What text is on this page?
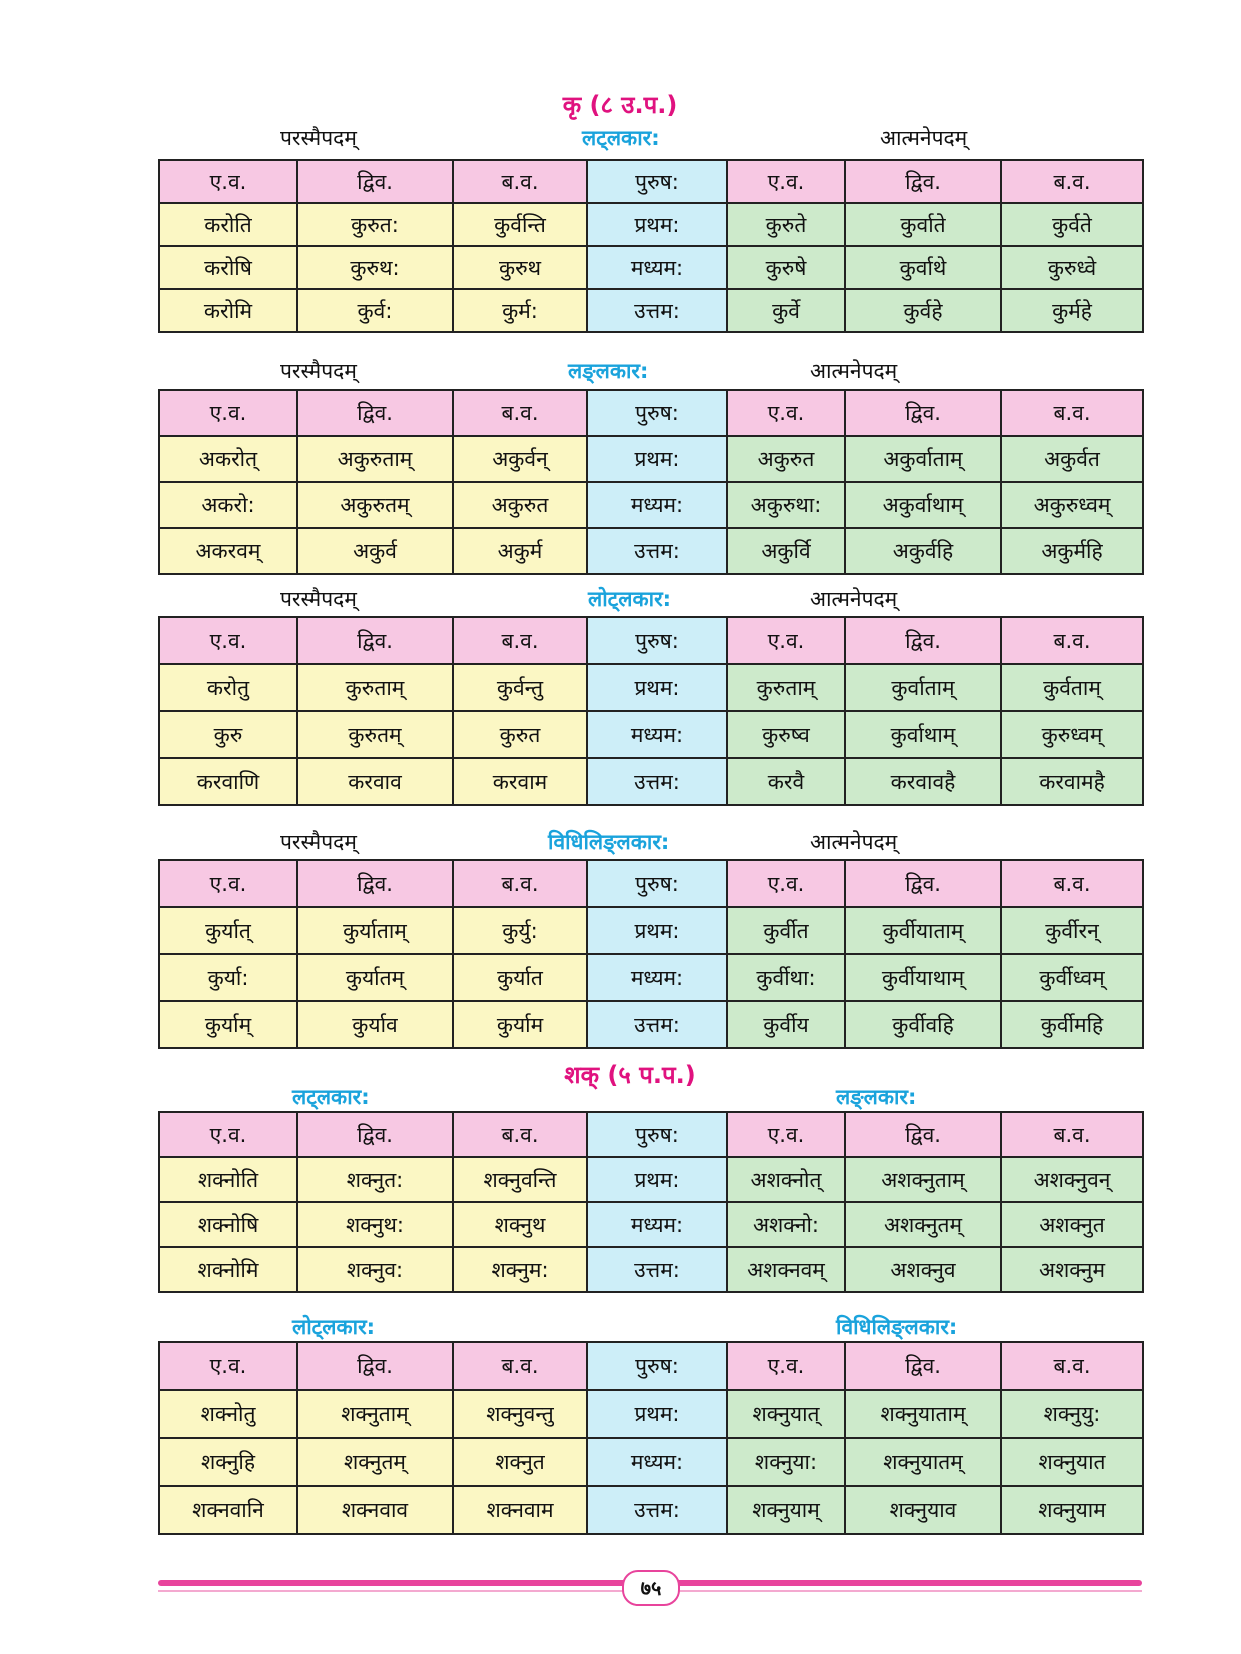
कृ (८ उ.प.)
परस्मैपदम्	लट्लकार:	आत्मनेपदम्
परस्मैपदम्	लङ्लकार:	आत्मनेपदम्
परस्मैपदम्	लोट्लकार:	आत्मनेपदम्
परस्मैपदम्	विधिलिङ्लकार:	आत्मनेपदम्
शक् (५ प.प.)
लट्लकार:	लङ्लकार:
लोट्लकार:	विधिलिङ्लकार:
ए.व.	द्विव.	ब.व.	पुरुष:	ए.व.	द्विव.	ब.व.
करोति	कुरुत:	कुर्वन्ति	प्रथम:	कुरुते	कुर्वाते	कुर्वते
करोषि	कुरुथ:	कुरुथ	मध्यम:	कुरुषे	कुर्वाथे	कुरुध्वे
करोमि	कुर्व:	कुर्म:	उत्तम:	कुर्वे	कुर्वहे	कुर्महे
ए.व.	द्विव.	ब.व.	पुरुष:	ए.व.	द्विव.	ब.व.
अकरोत्	अकुरुताम्	अकुर्वन्	प्रथम:	अकुरुत	अकुर्वाताम्	अकुर्वत
अकरो:	अकुरुतम्	अकुरुत	मध्यम:	अकुरुथा:	अकुर्वाथाम्	अकुरुध्वम्
अकरवम्	अकुर्व	अकुर्म	उत्तम:	अकुर्वि	अकुर्वहि	अकुर्महि
ए.व.	द्विव.	ब.व.	पुरुष:	ए.व.	द्विव.	ब.व.
करोतु	कुरुताम्	कुर्वन्तु	प्रथम:	कुरुताम्	कुर्वाताम्	कुर्वताम्
कुरु	कुरुतम्	कुरुत	मध्यम:	कुरुष्व	कुर्वाथाम्	कुरुध्वम्
करवाणि	करवाव	करवाम	उत्तम:	करवै	करवावहै	करवामहै
ए.व.	द्विव.	ब.व.	पुरुष:	ए.व.	द्विव.	ब.व.
कुर्यात्	कुर्याताम्	कुर्यु:	प्रथम:	कुर्वीत	कुर्वीयाताम्	कुर्वीरन्
कुर्या:	कुर्यातम्	कुर्यात	मध्यम:	कुर्वीथा:	कुर्वीयाथाम्	कुर्वीध्वम्
कुर्याम्	कुर्याव	कुर्याम	उत्तम:	कुर्वीय	कुर्वीवहि	कुर्वीमहि
ए.व.	द्विव.	ब.व.	पुरुष:	ए.व.	द्विव.	ब.व.
शक्नोति	शक्नुत:	शक्नुवन्ति	प्रथम:	अशक्नोत्	अशक्नुताम्	अशक्नुवन्
शक्नोषि	शक्नुथ:	शक्नुथ	मध्यम:	अशक्नो:	अशक्नुतम्	अशक्नुत
शक्नोमि	शक्नुव:	शक्नुम:	उत्तम:	अशक्नवम्	अशक्नुव	अशक्नुम
ए.व.	द्विव.	ब.व.	पुरुष:	ए.व.	द्विव.	ब.व.
शक्नोतु	शक्नुताम्	शक्नुवन्तु	प्रथम:	शक्नुयात्	शक्नुयाताम्	शक्नुयु:
शक्नुहि	शक्नुतम्	शक्नुत	मध्यम:	शक्नुया:	शक्नुयातम्	शक्नुयात
शक्नवानि	शक्नवाव	शक्नवाम	उत्तम:	शक्नुयाम्	शक्नुयाव	शक्नुयाम
७५
